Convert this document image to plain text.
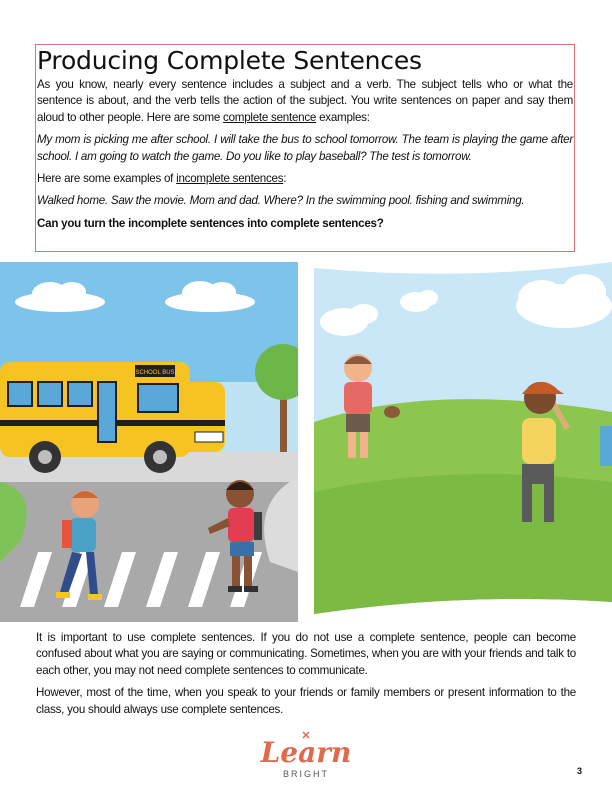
Producing Complete Sentences

As you know, nearly every sentence includes a subject and a verb. The subject tells who or what the sentence is about, and the verb tells the action of the subject. You write sentences on paper and say them aloud to other people. Here are some complete sentence examples:

My mom is picking me after school. I will take the bus to school tomorrow. The team is playing the game after school. I am going to watch the game. Do you like to play baseball? The test is tomorrow.

Here are some examples of incomplete sentences:

Walked home. Saw the movie. Mom and dad. Where? In the swimming pool. fishing and swimming.

Can you turn the incomplete sentences into complete sentences?

SCHOOL BUS

It is important to use complete sentences. If you do not use a complete sentence, people can become confused about what you are saying or communicating. Sometimes, when you are with your friends and talk to each other, you may not need complete sentences to communicate.

However, most of the time, when you speak to your friends or family members or present information to the class, you should always use complete sentences.

Learn
BRIGHT	3
